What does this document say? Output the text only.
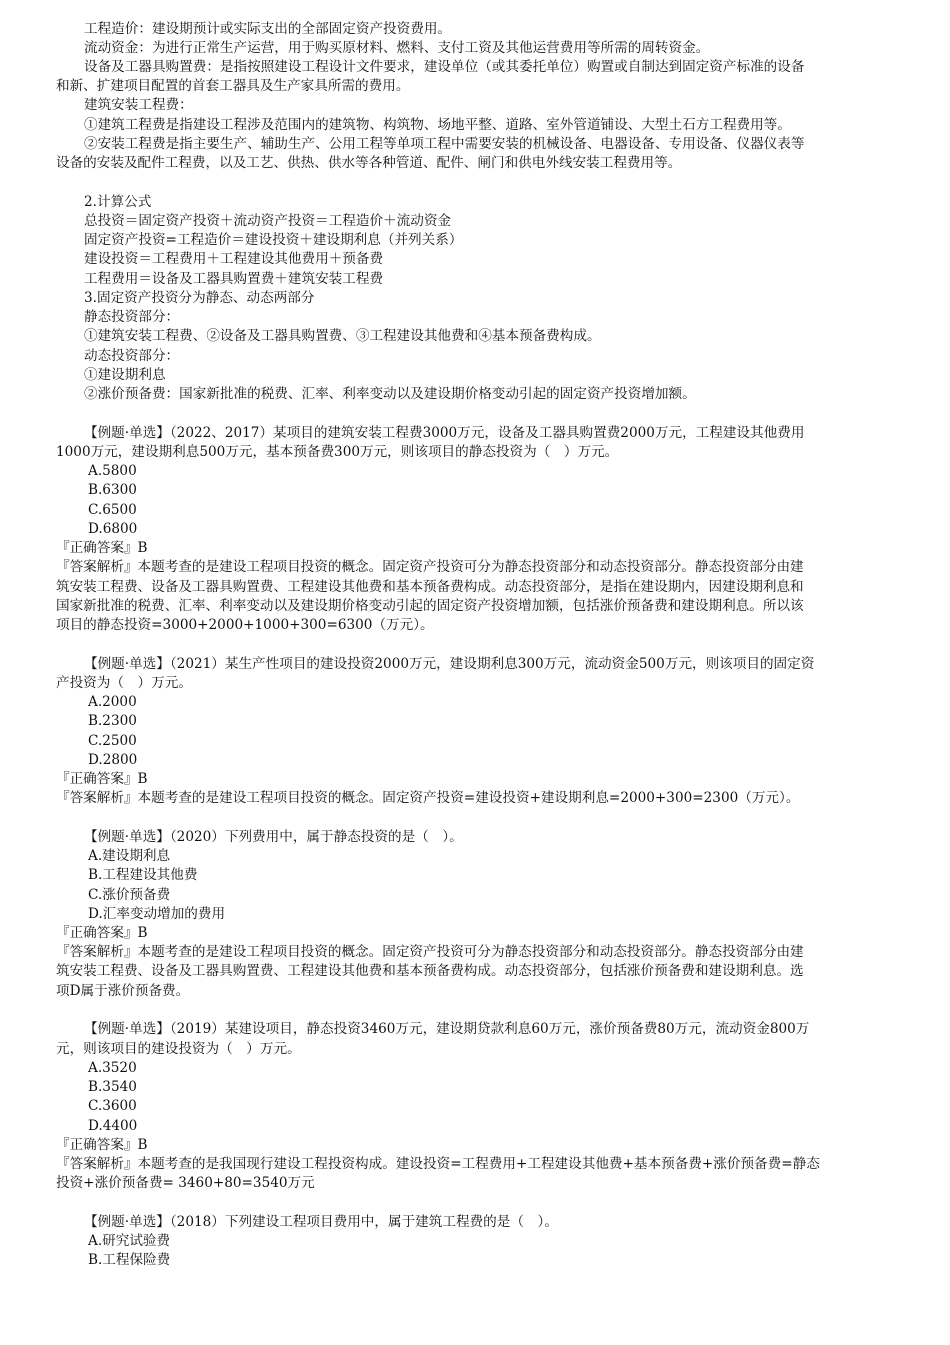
工程造价：建设期预计或实际支出的全部固定资产投资费用。
流动资金：为进行正常生产运营，用于购买原材料、燃料、支付工资及其他运营费用等所需的周转资金。
设备及工器具购置费：是指按照建设工程设计文件要求，建设单位（或其委托单位）购置或自制达到固定资产标准的设备
和新、扩建项目配置的首套工器具及生产家具所需的费用。
建筑安装工程费：
①建筑工程费是指建设工程涉及范围内的建筑物、构筑物、场地平整、道路、室外管道铺设、大型土石方工程费用等。
②安装工程费是指主要生产、辅助生产、公用工程等单项工程中需要安装的机械设备、电器设备、专用设备、仪器仪表等
设备的安装及配件工程费，以及工艺、供热、供水等各种管道、配件、闸门和供电外线安装工程费用等。
2.计算公式
总投资＝固定资产投资＋流动资产投资＝工程造价＋流动资金
固定资产投资=工程造价＝建设投资＋建设期利息（并列关系）
建设投资＝工程费用＋工程建设其他费用＋预备费
工程费用＝设备及工器具购置费＋建筑安装工程费
3.固定资产投资分为静态、动态两部分
静态投资部分：
①建筑安装工程费、②设备及工器具购置费、③工程建设其他费和④基本预备费构成。
动态投资部分：
①建设期利息
②涨价预备费：国家新批准的税费、汇率、利率变动以及建设期价格变动引起的固定资产投资增加额。
【例题·单选】（2022、2017）某项目的建筑安装工程费3000万元，设备及工器具购置费2000万元，工程建设其他费用
1000万元，建设期利息500万元，基本预备费300万元，则该项目的静态投资为（　）万元。
A.5800
B.6300
C.6500
D.6800
『正确答案』B
『答案解析』本题考查的是建设工程项目投资的概念。固定资产投资可分为静态投资部分和动态投资部分。静态投资部分由建
筑安装工程费、设备及工器具购置费、工程建设其他费和基本预备费构成。动态投资部分，是指在建设期内，因建设期利息和
国家新批准的税费、汇率、利率变动以及建设期价格变动引起的固定资产投资增加额，包括涨价预备费和建设期利息。所以该
项目的静态投资=3000+2000+1000+300=6300（万元）。
【例题·单选】（2021）某生产性项目的建设投资2000万元，建设期利息300万元，流动资金500万元，则该项目的固定资
产投资为（　）万元。
A.2000
B.2300
C.2500
D.2800
『正确答案』B
『答案解析』本题考查的是建设工程项目投资的概念。固定资产投资=建设投资+建设期利息=2000+300=2300（万元）。
【例题·单选】（2020）下列费用中，属于静态投资的是（　）。
A.建设期利息
B.工程建设其他费
C.涨价预备费
D.汇率变动增加的费用
『正确答案』B
『答案解析』本题考查的是建设工程项目投资的概念。固定资产投资可分为静态投资部分和动态投资部分。静态投资部分由建
筑安装工程费、设备及工器具购置费、工程建设其他费和基本预备费构成。动态投资部分，包括涨价预备费和建设期利息。选
项D属于涨价预备费。
【例题·单选】（2019）某建设项目，静态投资3460万元，建设期贷款利息60万元，涨价预备费80万元，流动资金800万
元，则该项目的建设投资为（　）万元。
A.3520
B.3540
C.3600
D.4400
『正确答案』B
『答案解析』本题考查的是我国现行建设工程投资构成。建设投资=工程费用+工程建设其他费+基本预备费+涨价预备费=静态
投资+涨价预备费= 3460+80=3540万元
【例题·单选】（2018）下列建设工程项目费用中，属于建筑工程费的是（　）。
A.研究试验费
B.工程保险费
